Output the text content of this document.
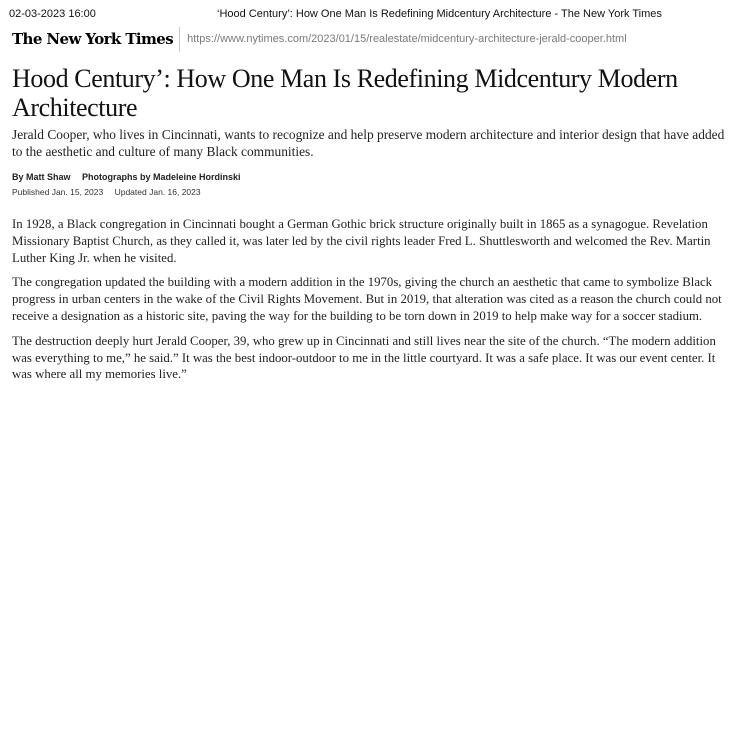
02-03-2023 16:00	‘Hood Century’: How One Man Is Redefining Midcentury Architecture - The New York Times
The New York Times	https://www.nytimes.com/2023/01/15/realestate/midcentury-architecture-jerald-cooper.html
Hood Century’: How One Man Is Redefining Midcentury Modern Architecture

Jerald Cooper, who lives in Cincinnati, wants to recognize and help preserve modern architecture and interior design that have added to the aesthetic and culture of many Black communities.

By Matt Shaw Photographs by Madeleine Hordinski
Published Jan. 15, 2023 Updated Jan. 16, 2023

In 1928, a Black congregation in Cincinnati bought a German Gothic brick structure originally built in 1865 as a synagogue. Revelation Missionary Baptist Church, as they called it, was later led by the civil rights leader Fred L. Shuttlesworth and welcomed the Rev. Martin Luther King Jr. when he visited.

The congregation updated the building with a modern addition in the 1970s, giving the church an aesthetic that came to symbolize Black progress in urban centers in the wake of the Civil Rights Movement. But in 2019, that alteration was cited as a reason the church could not receive a designation as a historic site, paving the way for the building to be torn down in 2019 to help make way for a soccer stadium.

The destruction deeply hurt Jerald Cooper, 39, who grew up in Cincinnati and still lives near the site of the church. “The modern addition was everything to me,” he said.” It was the best indoor-outdoor to me in the little courtyard. It was a safe place. It was our event center. It was where all my memories live.”
